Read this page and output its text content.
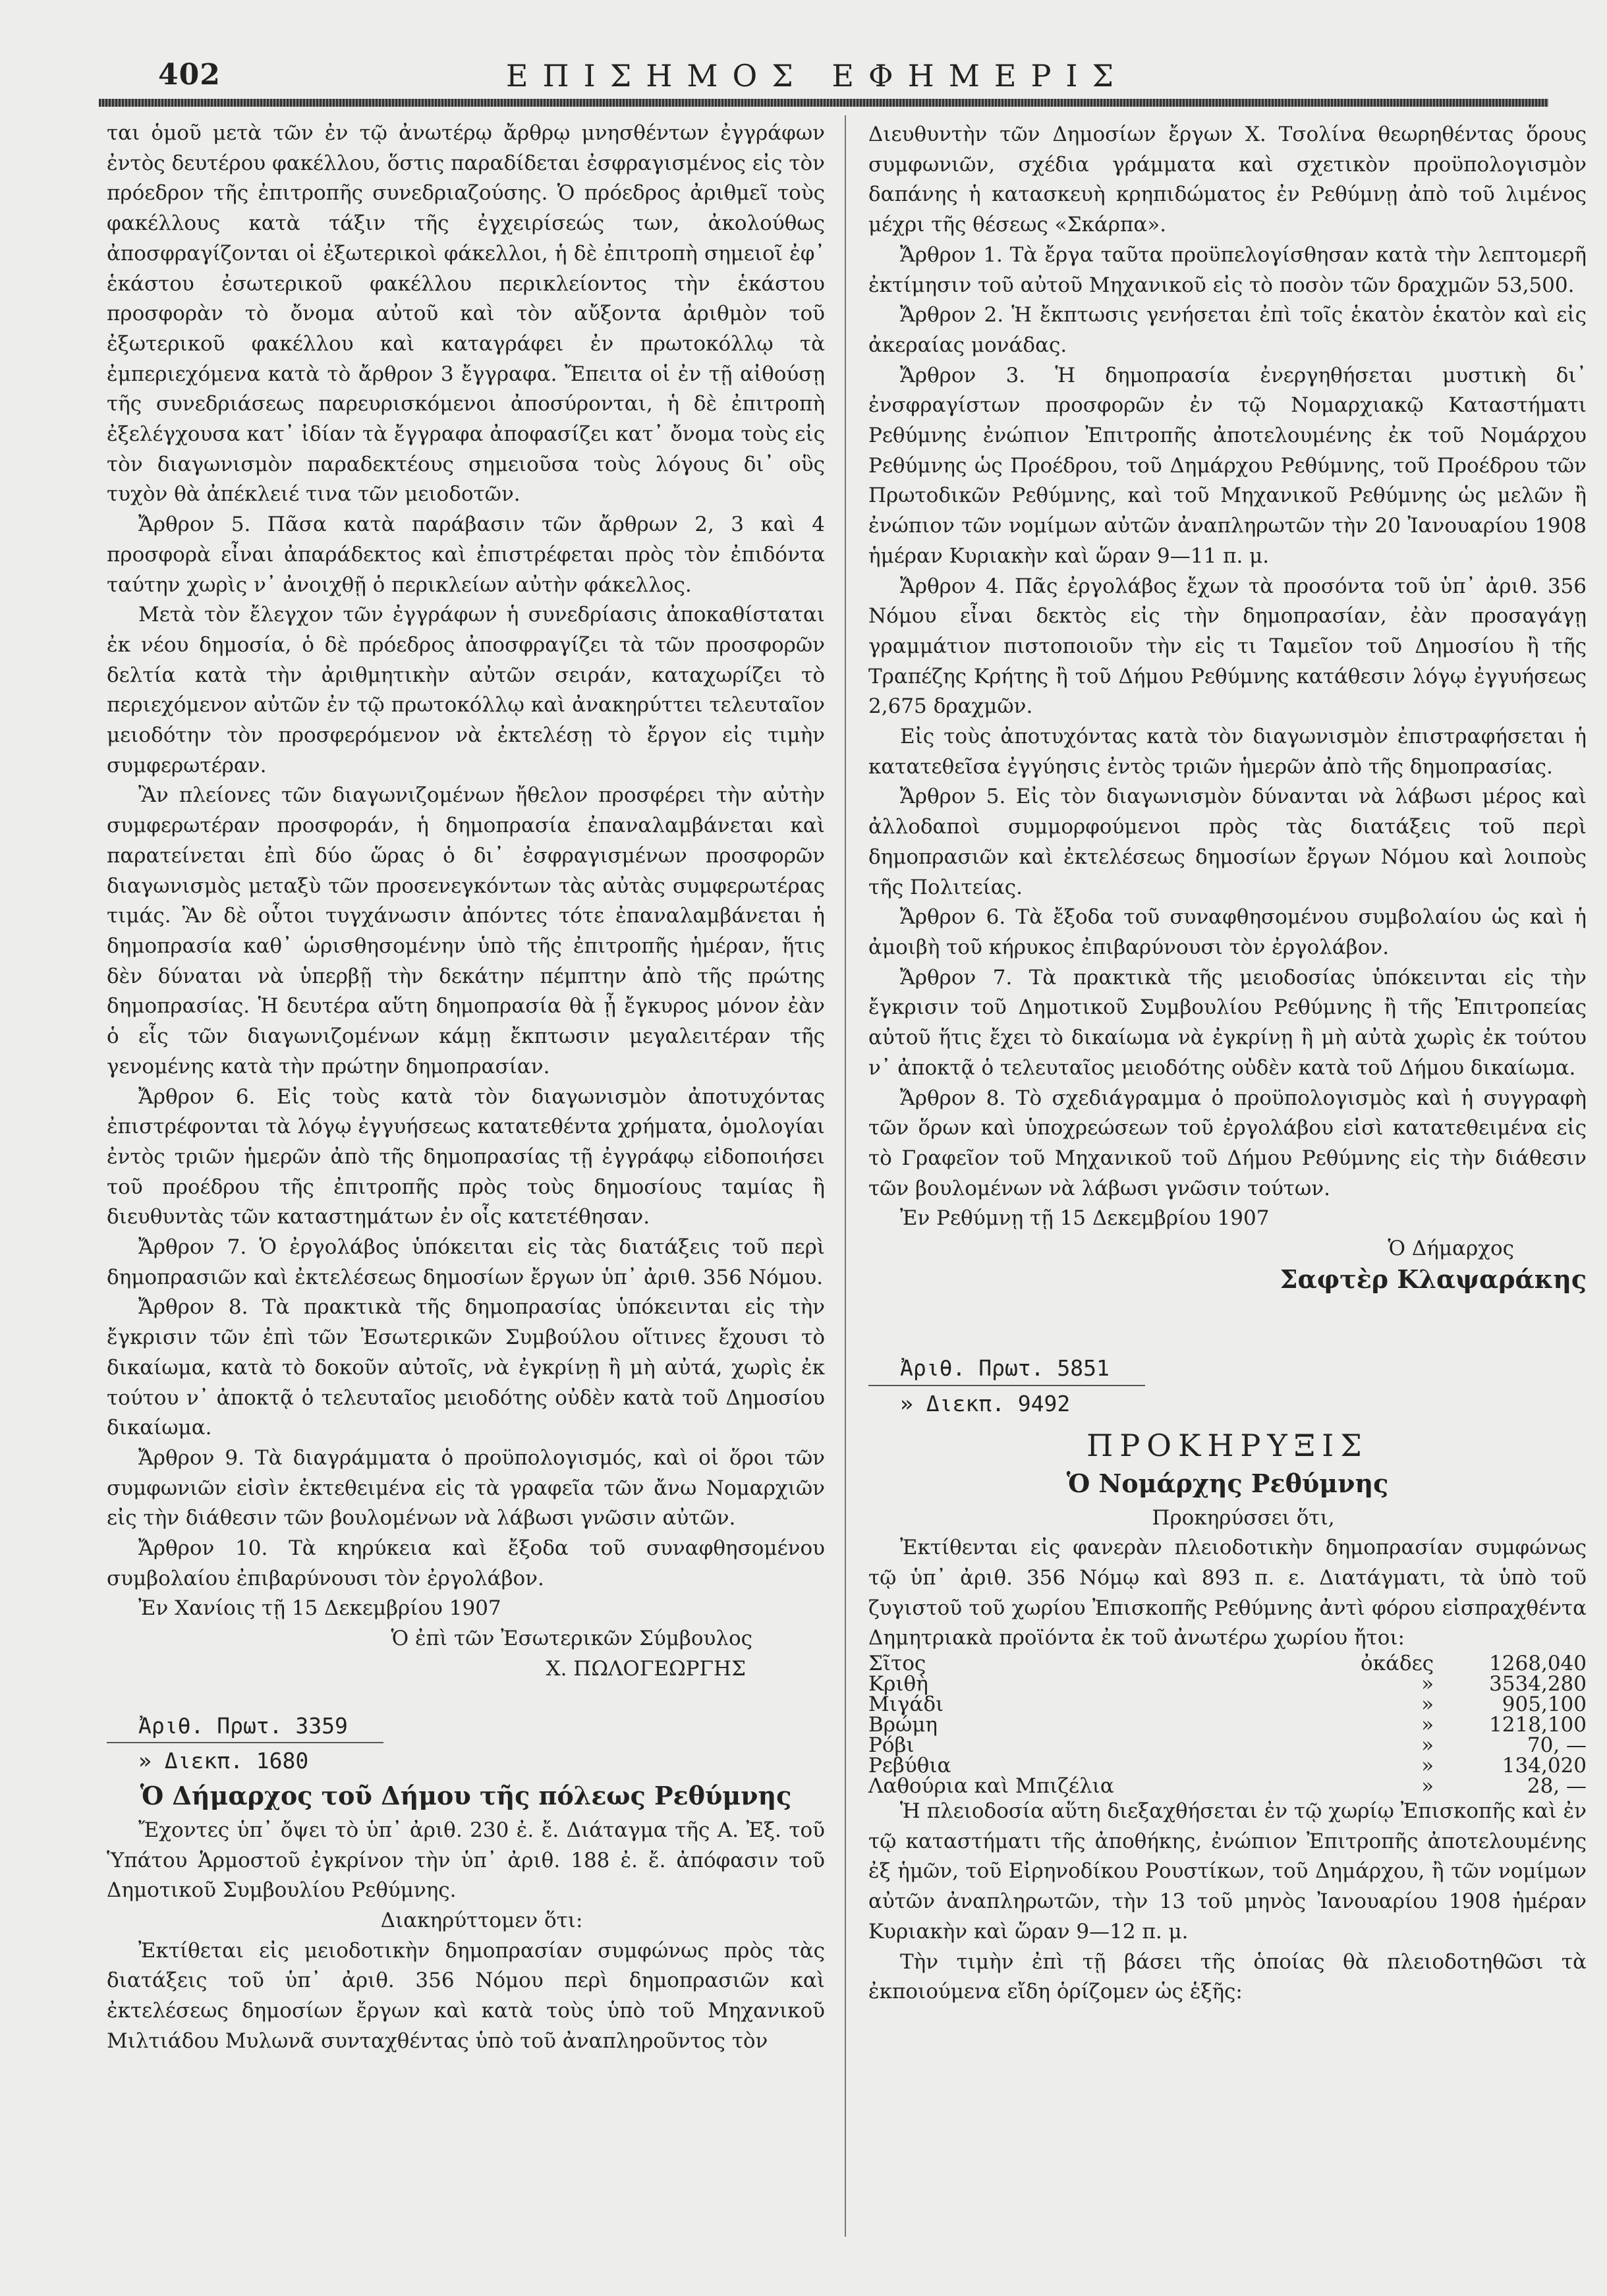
402	ΕΠΙΣΗΜΟΣ ΕΦΗΜΕΡΙΣ

ται ὁμοῦ μετὰ τῶν ἐν τῷ ἀνωτέρῳ ἄρθρῳ μνησθέντων ἐγγράφων ἐντὸς δευτέρου φακέλλου, ὅστις παραδίδεται ἐσφραγισμένος εἰς τὸν πρόεδρον τῆς ἐπιτροπῆς συνεδριαζούσης. Ὁ πρόεδρος ἀριθμεῖ τοὺς φακέλλους κατὰ τάξιν τῆς ἐγχειρίσεώς των, ἀκολούθως ἀποσφραγίζονται οἱ ἐξωτερικοὶ φάκελλοι, ἡ δὲ ἐπιτροπὴ σημειοῖ ἐφ᾽ ἑκάστου ἐσωτερικοῦ φακέλλου περικλείοντος τὴν ἑκάστου προσφορὰν τὸ ὄνομα αὐτοῦ καὶ τὸν αὔξοντα ἀριθμὸν τοῦ ἐξωτερικοῦ φακέλλου καὶ καταγράφει ἐν πρωτοκόλλῳ τὰ ἐμπεριεχόμενα κατὰ τὸ ἄρθρον 3 ἔγγραφα. Ἔπειτα οἱ ἐν τῇ αἰθούσῃ τῆς συνεδριάσεως παρευρισκόμενοι ἀποσύρονται, ἡ δὲ ἐπιτροπὴ ἐξελέγχουσα κατ᾽ ἰδίαν τὰ ἔγγραφα ἀποφασίζει κατ᾽ ὄνομα τοὺς εἰς τὸν διαγωνισμὸν παραδεκτέους σημειοῦσα τοὺς λόγους δι᾽ οὓς τυχὸν θὰ ἀπέκλειέ τινα τῶν μειοδοτῶν.

Ἄρθρον 5. Πᾶσα κατὰ παράβασιν τῶν ἄρθρων 2, 3 καὶ 4 προσφορὰ εἶναι ἀπαράδεκτος καὶ ἐπιστρέφεται πρὸς τὸν ἐπιδόντα ταύτην χωρὶς ν᾽ ἀνοιχθῇ ὁ περικλείων αὐτὴν φάκελλος.

Μετὰ τὸν ἔλεγχον τῶν ἐγγράφων ἡ συνεδρίασις ἀποκαθίσταται ἐκ νέου δημοσία, ὁ δὲ πρόεδρος ἀποσφραγίζει τὰ τῶν προσφορῶν δελτία κατὰ τὴν ἀριθμητικὴν αὐτῶν σειράν, καταχωρίζει τὸ περιεχόμενον αὐτῶν ἐν τῷ πρωτοκόλλῳ καὶ ἀνακηρύττει τελευταῖον μειοδότην τὸν προσφερόμενον νὰ ἐκτελέσῃ τὸ ἔργον εἰς τιμὴν συμφερωτέραν.

Ἂν πλείονες τῶν διαγωνιζομένων ἤθελον προσφέρει τὴν αὐτὴν συμφερωτέραν προσφοράν, ἡ δημοπρασία ἐπαναλαμβάνεται καὶ παρατείνεται ἐπὶ δύο ὥρας ὁ δι᾽ ἐσφραγισμένων προσφορῶν διαγωνισμὸς μεταξὺ τῶν προσενεγκόντων τὰς αὐτὰς συμφερωτέρας τιμάς. Ἂν δὲ οὗτοι τυγχάνωσιν ἀπόντες τότε ἐπαναλαμβάνεται ἡ δημοπρασία καθ᾽ ὡρισθησομένην ὑπὸ τῆς ἐπιτροπῆς ἡμέραν, ἥτις δὲν δύναται νὰ ὑπερβῇ τὴν δεκάτην πέμπτην ἀπὸ τῆς πρώτης δημοπρασίας. Ἡ δευτέρα αὕτη δημοπρασία θὰ ᾖ ἔγκυρος μόνον ἐὰν ὁ εἷς τῶν διαγωνιζομένων κάμῃ ἔκπτωσιν μεγαλειτέραν τῆς γενομένης κατὰ τὴν πρώτην δημοπρασίαν.

Ἄρθρον 6. Εἰς τοὺς κατὰ τὸν διαγωνισμὸν ἀποτυχόντας ἐπιστρέφονται τὰ λόγῳ ἐγγυήσεως κατατεθέντα χρήματα, ὁμολογίαι ἐντὸς τριῶν ἡμερῶν ἀπὸ τῆς δημοπρασίας τῇ ἐγγράφῳ εἰδοποιήσει τοῦ προέδρου τῆς ἐπιτροπῆς πρὸς τοὺς δημοσίους ταμίας ἢ διευθυντὰς τῶν καταστημάτων ἐν οἷς κατετέθησαν.

Ἄρθρον 7. Ὁ ἐργολάβος ὑπόκειται εἰς τὰς διατάξεις τοῦ περὶ δημοπρασιῶν καὶ ἐκτελέσεως δημοσίων ἔργων ὑπ᾽ ἀριθ. 356 Νόμου.

Ἄρθρον 8. Τὰ πρακτικὰ τῆς δημοπρασίας ὑπόκεινται εἰς τὴν ἔγκρισιν τῶν ἐπὶ τῶν Ἐσωτερικῶν Συμβούλου οἵτινες ἔχουσι τὸ δικαίωμα, κατὰ τὸ δοκοῦν αὐτοῖς, νὰ ἐγκρίνῃ ἢ μὴ αὐτά, χωρὶς ἐκ τούτου ν᾽ ἀποκτᾷ ὁ τελευταῖος μειοδότης οὐδὲν κατὰ τοῦ Δημοσίου δικαίωμα.

Ἄρθρον 9. Τὰ διαγράμματα ὁ προϋπολογισμός, καὶ οἱ ὅροι τῶν συμφωνιῶν εἰσὶν ἐκτεθειμένα εἰς τὰ γραφεῖα τῶν ἄνω Νομαρχιῶν εἰς τὴν διάθεσιν τῶν βουλομένων νὰ λάβωσι γνῶσιν αὐτῶν.

Ἄρθρον 10. Τὰ κηρύκεια καὶ ἔξοδα τοῦ συναφθησομένου συμβολαίου ἐπιβαρύνουσι τὸν ἐργολάβον.

Ἐν Χανίοις τῇ 15 Δεκεμβρίου 1907

Ὁ ἐπὶ τῶν Ἐσωτερικῶν Σύμβουλος

Χ. ΠΩΛΟΓΕΩΡΓΗΣ

Ἀριθ. Πρωτ. 3359

» Διεκπ. 1680

Ὁ Δήμαρχος τοῦ Δήμου τῆς πόλεως Ρεθύμνης

Ἔχοντες ὑπ᾽ ὄψει τὸ ὑπ᾽ ἀριθ. 230 ἐ. ἔ. Διάταγμα τῆς Α. Ἐξ. τοῦ Ὑπάτου Ἁρμοστοῦ ἐγκρίνον τὴν ὑπ᾽ ἀριθ. 188 ἐ. ἔ. ἀπόφασιν τοῦ Δημοτικοῦ Συμβουλίου Ρεθύμνης.

Διακηρύττομεν ὅτι:

Ἐκτίθεται εἰς μειοδοτικὴν δημοπρασίαν συμφώνως πρὸς τὰς διατάξεις τοῦ ὑπ᾽ ἀριθ. 356 Νόμου περὶ δημοπρασιῶν καὶ ἐκτελέσεως δημοσίων ἔργων καὶ κατὰ τοὺς ὑπὸ τοῦ Μηχανικοῦ Μιλτιάδου Μυλωνᾶ συνταχθέντας ὑπὸ τοῦ ἀναπληροῦντος τὸν

Διευθυντὴν τῶν Δημοσίων ἔργων Χ. Τσολίνα θεωρηθέντας ὅρους συμφωνιῶν, σχέδια γράμματα καὶ σχετικὸν προϋπολογισμὸν δαπάνης ἡ κατασκευὴ κρηπιδώματος ἐν Ρεθύμνῃ ἀπὸ τοῦ λιμένος μέχρι τῆς θέσεως «Σκάρπα».

Ἄρθρον 1. Τὰ ἔργα ταῦτα προϋπελογίσθησαν κατὰ τὴν λεπτομερῆ ἐκτίμησιν τοῦ αὐτοῦ Μηχανικοῦ εἰς τὸ ποσὸν τῶν δραχμῶν 53,500.

Ἄρθρον 2. Ἡ ἔκπτωσις γενήσεται ἐπὶ τοῖς ἑκατὸν ἑκατὸν καὶ εἰς ἀκεραίας μονάδας.

Ἄρθρον 3. Ἡ δημοπρασία ἐνεργηθήσεται μυστικὴ δι᾽ ἐνσφραγίστων προσφορῶν ἐν τῷ Νομαρχιακῷ Καταστήματι Ρεθύμνης ἐνώπιον Ἐπιτροπῆς ἀποτελουμένης ἐκ τοῦ Νομάρχου Ρεθύμνης ὡς Προέδρου, τοῦ Δημάρχου Ρεθύμνης, τοῦ Προέδρου τῶν Πρωτοδικῶν Ρεθύμνης, καὶ τοῦ Μηχανικοῦ Ρεθύμνης ὡς μελῶν ἢ ἐνώπιον τῶν νομίμων αὐτῶν ἀναπληρωτῶν τὴν 20 Ἰανουαρίου 1908 ἡμέραν Κυριακὴν καὶ ὥραν 9—11 π. μ.

Ἄρθρον 4. Πᾶς ἐργολάβος ἔχων τὰ προσόντα τοῦ ὑπ᾽ ἀριθ. 356 Νόμου εἶναι δεκτὸς εἰς τὴν δημοπρασίαν, ἐὰν προσαγάγῃ γραμμάτιον πιστοποιοῦν τὴν εἰς τι Ταμεῖον τοῦ Δημοσίου ἢ τῆς Τραπέζης Κρήτης ἢ τοῦ Δήμου Ρεθύμνης κατάθεσιν λόγῳ ἐγγυήσεως 2,675 δραχμῶν.

Εἰς τοὺς ἀποτυχόντας κατὰ τὸν διαγωνισμὸν ἐπιστραφήσεται ἡ κατατεθεῖσα ἐγγύησις ἐντὸς τριῶν ἡμερῶν ἀπὸ τῆς δημοπρασίας.

Ἄρθρον 5. Εἰς τὸν διαγωνισμὸν δύνανται νὰ λάβωσι μέρος καὶ ἀλλοδαποὶ συμμορφούμενοι πρὸς τὰς διατάξεις τοῦ περὶ δημοπρασιῶν καὶ ἐκτελέσεως δημοσίων ἔργων Νόμου καὶ λοιποὺς τῆς Πολιτείας.

Ἄρθρον 6. Τὰ ἔξοδα τοῦ συναφθησομένου συμβολαίου ὡς καὶ ἡ ἀμοιβὴ τοῦ κήρυκος ἐπιβαρύνουσι τὸν ἐργολάβον.

Ἄρθρον 7. Τὰ πρακτικὰ τῆς μειοδοσίας ὑπόκεινται εἰς τὴν ἔγκρισιν τοῦ Δημοτικοῦ Συμβουλίου Ρεθύμνης ἢ τῆς Ἐπιτροπείας αὐτοῦ ἥτις ἔχει τὸ δικαίωμα νὰ ἐγκρίνῃ ἢ μὴ αὐτὰ χωρὶς ἐκ τούτου ν᾽ ἀποκτᾷ ὁ τελευταῖος μειοδότης οὐδὲν κατὰ τοῦ Δήμου δικαίωμα.

Ἄρθρον 8. Τὸ σχεδιάγραμμα ὁ προϋπολογισμὸς καὶ ἡ συγγραφὴ τῶν ὅρων καὶ ὑποχρεώσεων τοῦ ἐργολάβου εἰσὶ κατατεθειμένα εἰς τὸ Γραφεῖον τοῦ Μηχανικοῦ τοῦ Δήμου Ρεθύμνης εἰς τὴν διάθεσιν τῶν βουλομένων νὰ λάβωσι γνῶσιν τούτων.

Ἐν Ρεθύμνῃ τῇ 15 Δεκεμβρίου 1907

Ὁ Δήμαρχος

Σαφτὲρ Κλαψαράκης

Ἀριθ. Πρωτ. 5851

» Διεκπ. 9492

ΠΡΟΚΗΡΥΞΙΣ
Ὁ Νομάρχης Ρεθύμνης

Προκηρύσσει ὅτι,

Ἐκτίθενται εἰς φανερὰν πλειοδοτικὴν δημοπρασίαν συμφώνως τῷ ὑπ᾽ ἀριθ. 356 Νόμῳ καὶ 893 π. ε. Διατάγματι, τὰ ὑπὸ τοῦ ζυγιστοῦ τοῦ χωρίου Ἐπισκοπῆς Ρεθύμνης ἀντὶ φόρου εἰσπραχθέντα Δημητριακὰ προϊόντα ἐκ τοῦ ἀνωτέρω χωρίου ἤτοι:

Σῖτος	ὀκάδες	1268,040
Κριθὴ	»	3534,280
Μιγάδι	»	905,100
Βρώμη	»	1218,100
Ρόβι	»	70, —
Ρεβύθια	»	134,020
Λαθούρια καὶ Μπιζέλια	»	28, —

Ἡ πλειοδοσία αὕτη διεξαχθήσεται ἐν τῷ χωρίῳ Ἐπισκοπῆς καὶ ἐν τῷ καταστήματι τῆς ἀποθήκης, ἐνώπιον Ἐπιτροπῆς ἀποτελουμένης ἐξ ἡμῶν, τοῦ Εἰρηνοδίκου Ρουστίκων, τοῦ Δημάρχου, ἢ τῶν νομίμων αὐτῶν ἀναπληρωτῶν, τὴν 13 τοῦ μηνὸς Ἰανουαρίου 1908 ἡμέραν Κυριακὴν καὶ ὥραν 9—12 π. μ.

Τὴν τιμὴν ἐπὶ τῇ βάσει τῆς ὁποίας θὰ πλειοδοτηθῶσι τὰ ἐκποιούμενα εἴδη ὁρίζομεν ὡς ἑξῆς:
